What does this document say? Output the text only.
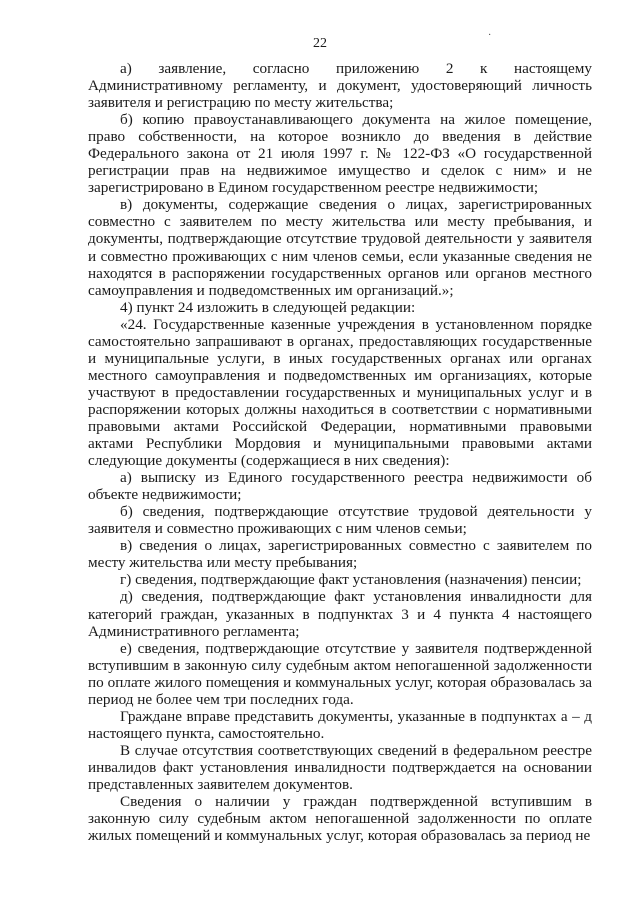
22
·

а) заявление, согласно приложению 2 к настоящему Административному регламенту, и документ, удостоверяющий личность заявителя и регистрацию по месту жительства;

б) копию правоустанавливающего документа на жилое помещение, право собственности, на которое возникло до введения в действие Федерального закона от 21 июля 1997 г. № 122-ФЗ «О государственной регистрации прав на недвижимое имущество и сделок с ним» и не зарегистрировано в Едином государственном реестре недвижимости;

в) документы, содержащие сведения о лицах, зарегистрированных совместно с заявителем по месту жительства или месту пребывания, и документы, подтверждающие отсутствие трудовой деятельности у заявителя и совместно проживающих с ним членов семьи, если указанные сведения не находятся в распоряжении государственных органов или органов местного самоуправления и подведомственных им организаций.»;

4) пункт 24 изложить в следующей редакции:

«24. Государственные казенные учреждения в установленном порядке самостоятельно запрашивают в органах, предоставляющих государственные и муниципальные услуги, в иных государственных органах или органах местного самоуправления и подведомственных им организациях, которые участвуют в предоставлении государственных и муниципальных услуг и в распоряжении которых должны находиться в соответствии с нормативными правовыми актами Российской Федерации, нормативными правовыми актами Республики Мордовия и муниципальными правовыми актами следующие документы (содержащиеся в них сведения):

а) выписку из Единого государственного реестра недвижимости об объекте недвижимости;

б) сведения, подтверждающие отсутствие трудовой деятельности у заявителя и совместно проживающих с ним членов семьи;

в) сведения о лицах, зарегистрированных совместно с заявителем по месту жительства или месту пребывания;

г) сведения, подтверждающие факт установления (назначения) пенсии;

д) сведения, подтверждающие факт установления инвалидности для категорий граждан, указанных в подпунктах 3 и 4 пункта 4 настоящего Административного регламента;

е) сведения, подтверждающие отсутствие у заявителя подтвержденной вступившим в законную силу судебным актом непогашенной задолженности по оплате жилого помещения и коммунальных услуг, которая образовалась за период не более чем три последних года.

Граждане вправе представить документы, указанные в подпунктах а – д настоящего пункта, самостоятельно.

В случае отсутствия соответствующих сведений в федеральном реестре инвалидов факт установления инвалидности подтверждается на основании представленных заявителем документов.

Сведения о наличии у граждан подтвержденной вступившим в законную силу судебным актом непогашенной задолженности по оплате жилых помещений и коммунальных услуг, которая образовалась за период не
